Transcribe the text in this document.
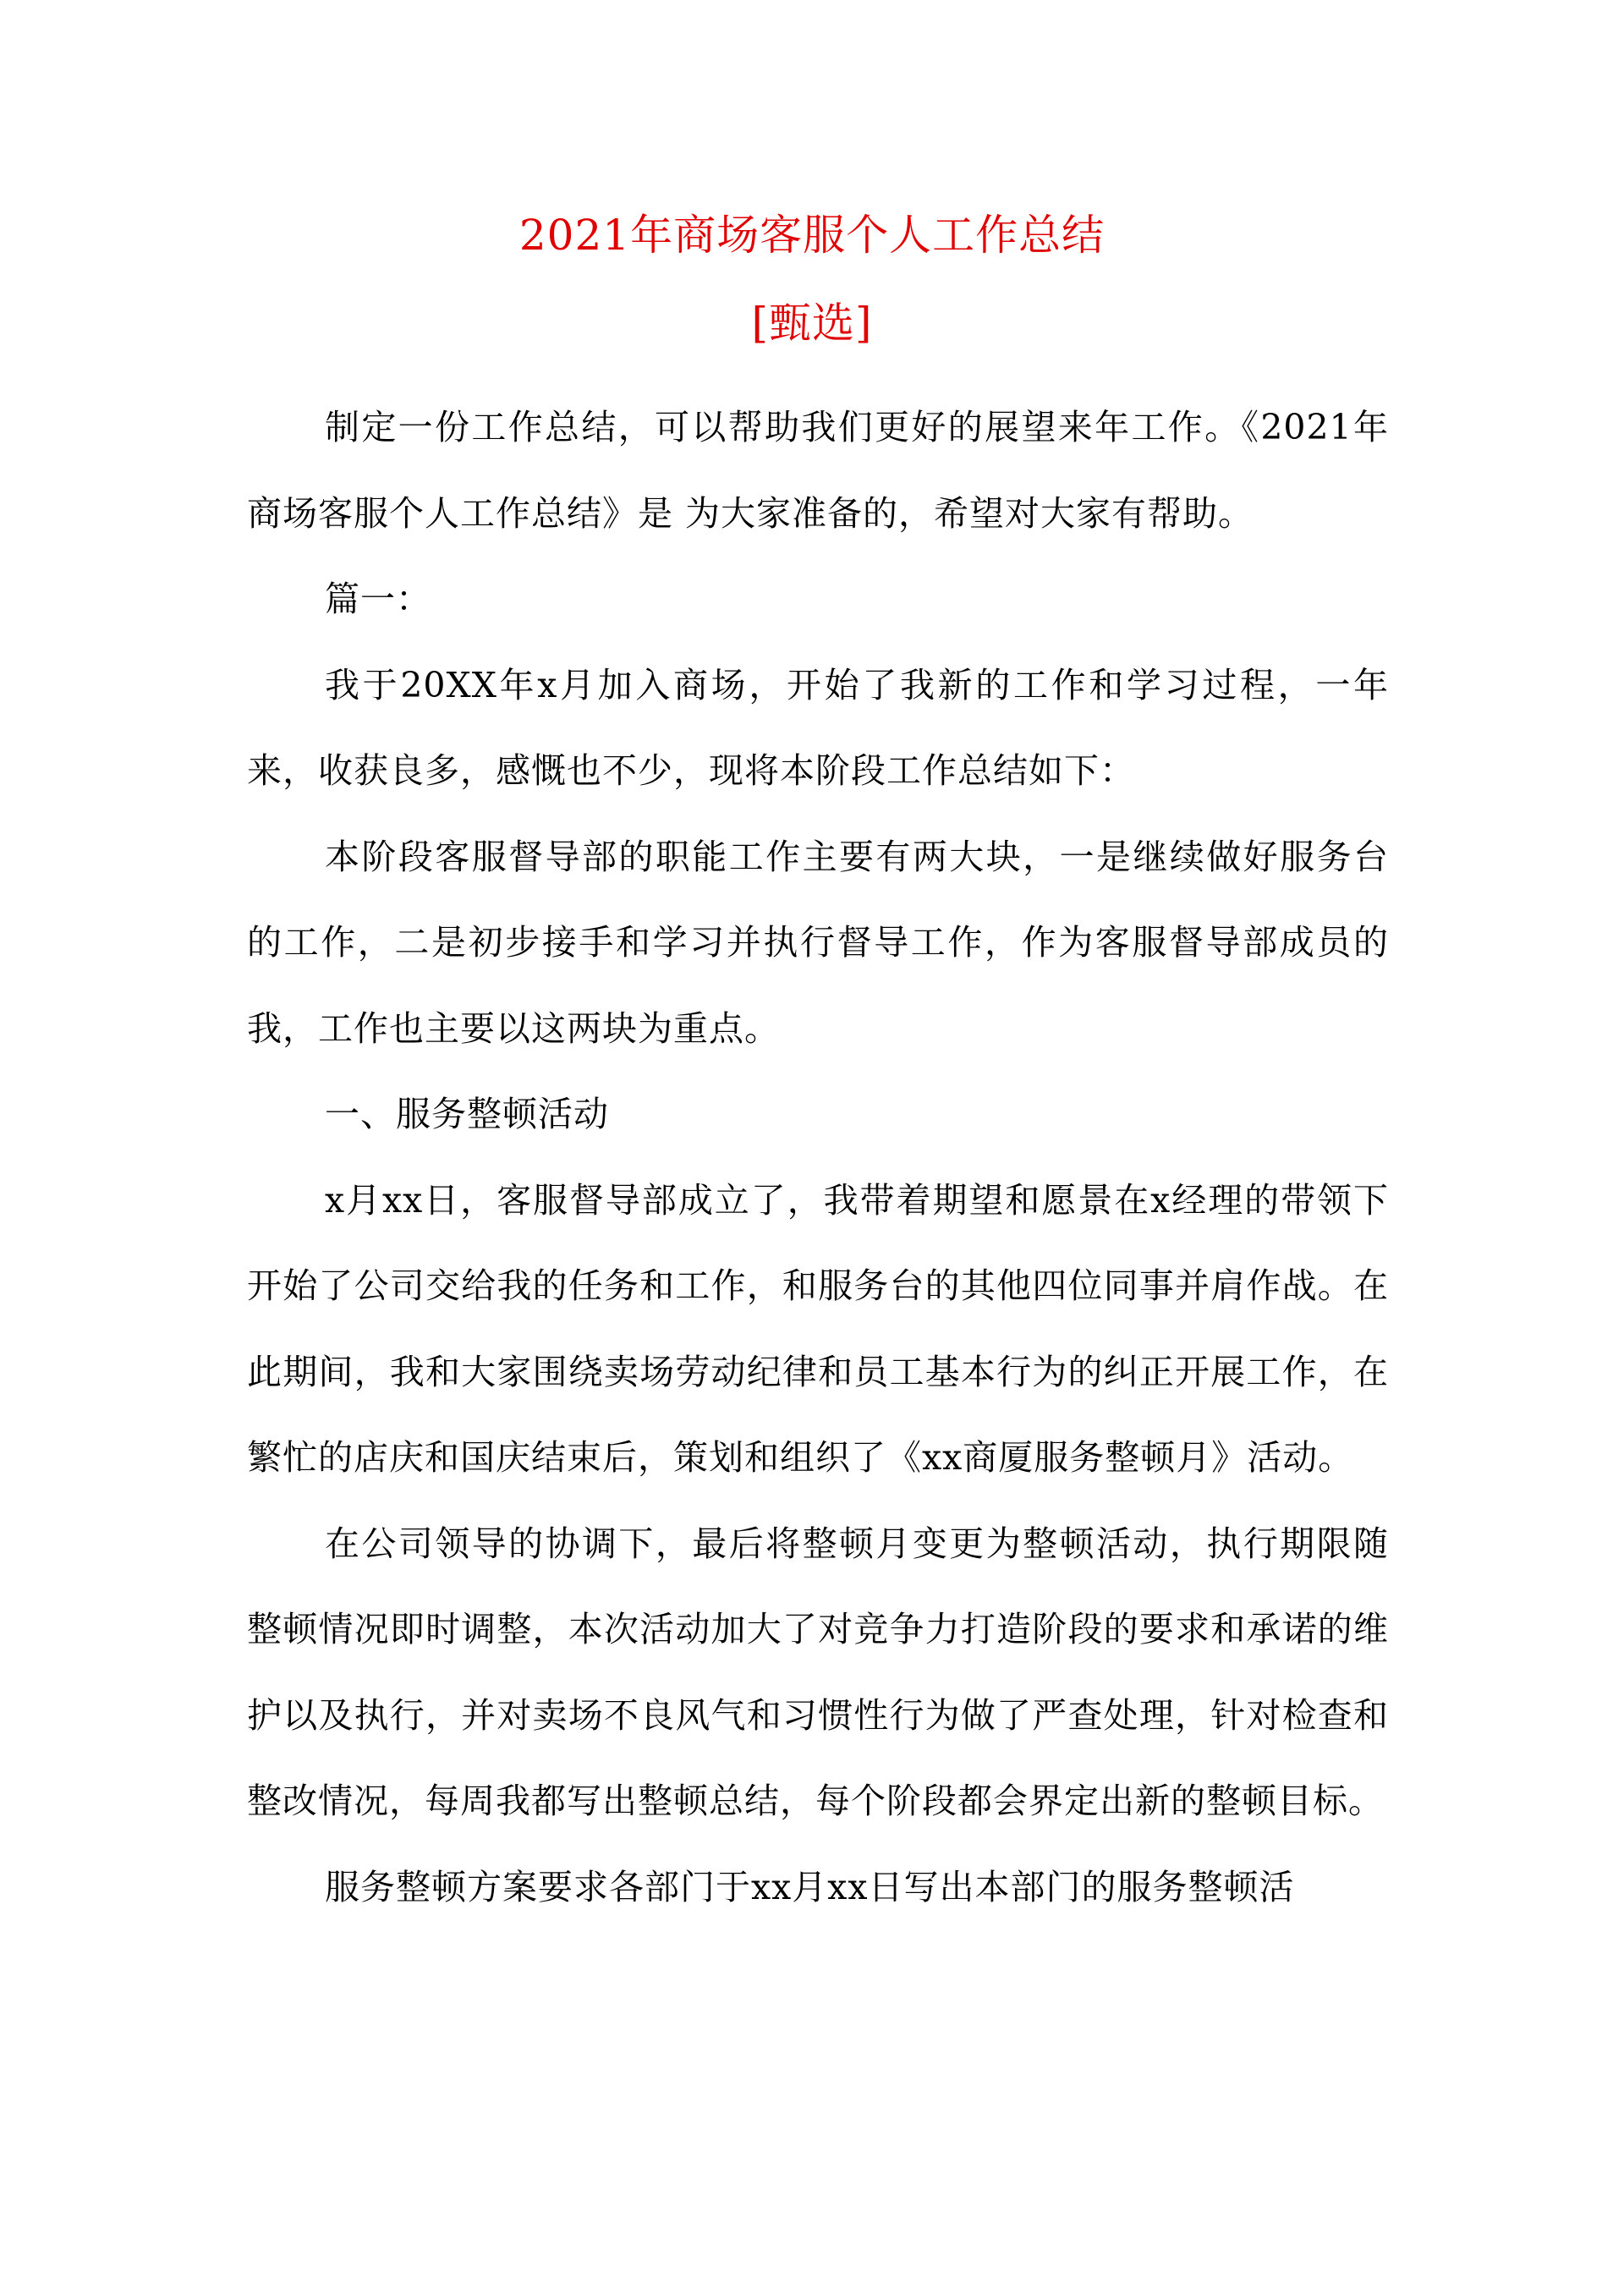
2021年商场客服个人工作总结
[甄选]

制定一份工作总结，可以帮助我们更好的展望来年工作。《2021年商场客服个人工作总结》是 为大家准备的，希望对大家有帮助。

篇一：

我于20XX年x月加入商场，开始了我新的工作和学习过程，一年来，收获良多，感慨也不少，现将本阶段工作总结如下：

本阶段客服督导部的职能工作主要有两大块，一是继续做好服务台的工作，二是初步接手和学习并执行督导工作，作为客服督导部成员的我，工作也主要以这两块为重点。

一、服务整顿活动

x月xx日，客服督导部成立了，我带着期望和愿景在x经理的带领下开始了公司交给我的任务和工作，和服务台的其他四位同事并肩作战。在此期间，我和大家围绕卖场劳动纪律和员工基本行为的纠正开展工作，在繁忙的店庆和国庆结束后，策划和组织了《xx商厦服务整顿月》活动。

在公司领导的协调下，最后将整顿月变更为整顿活动，执行期限随整顿情况即时调整，本次活动加大了对竞争力打造阶段的要求和承诺的维护以及执行，并对卖场不良风气和习惯性行为做了严查处理，针对检查和整改情况，每周我都写出整顿总结，每个阶段都会界定出新的整顿目标。

服务整顿方案要求各部门于xx月xx日写出本部门的服务整顿活
